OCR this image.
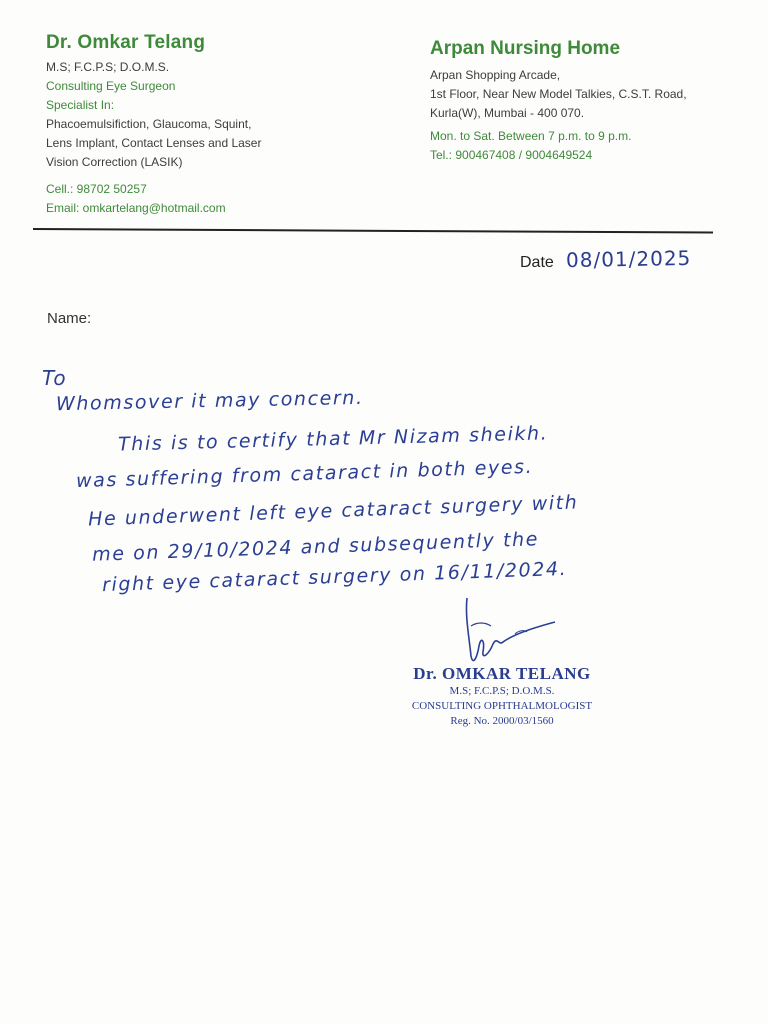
Dr. Omkar Telang
M.S; F.C.P.S; D.O.M.S.
Consulting Eye Surgeon
Specialist In:
Phacoemulsifiction, Glaucoma, Squint,
Lens Implant, Contact Lenses and Laser
Vision Correction (LASIK)
Cell.: 98702 50257
Email: omkartelang@hotmail.com
Arpan Nursing Home
Arpan Shopping Arcade,
1st Floor, Near New Model Talkies, C.S.T. Road,
Kurla(W), Mumbai - 400 070.
Mon. to Sat. Between 7 p.m. to 9 p.m.
Tel.: 900467408 / 9004649524
Date 08/01/2025
Name:
To
Whomsover it may concern.
This is to certify that Mr Nizam sheikh.
was suffering from cataract in both eyes.
He underwent left eye cataract surgery with
me on 29/10/2024 and subsequently the
right eye cataract surgery on 16/11/2024.
Dr. OMKAR TELANG
M.S; F.C.P.S; D.O.M.S.
CONSULTING OPHTHALMOLOGIST
Reg. No. 2000/03/1560
